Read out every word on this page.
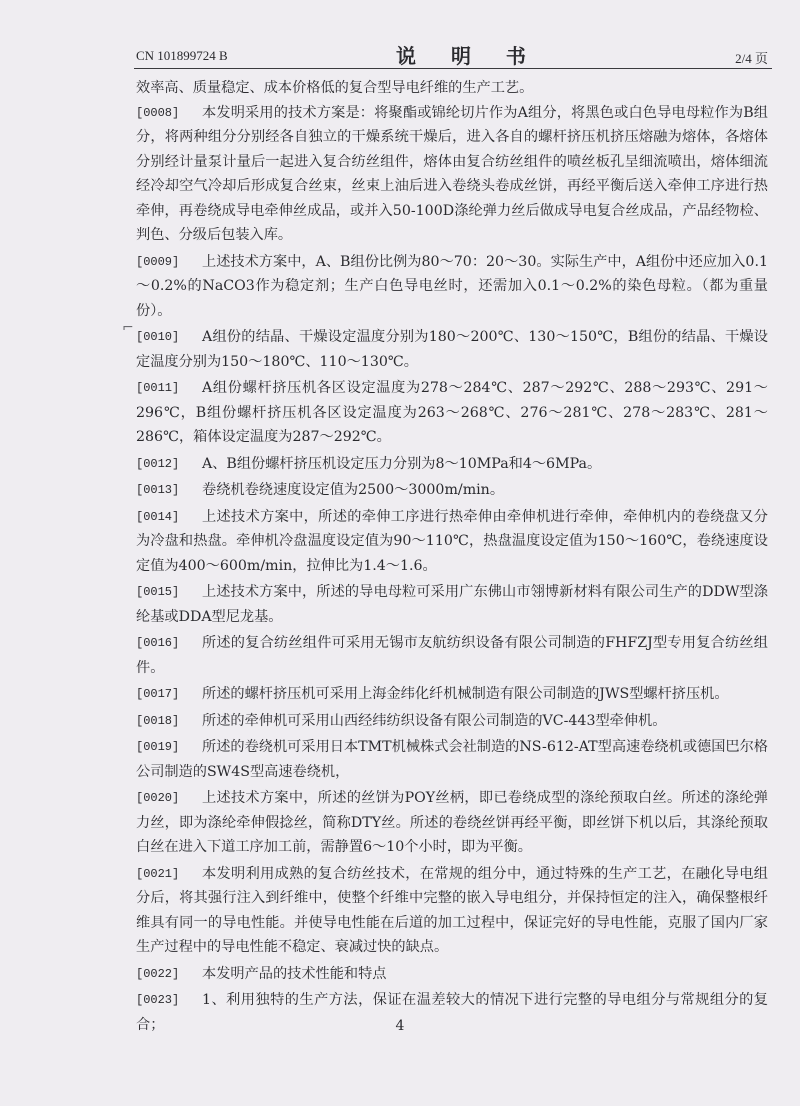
CN 101899724 B	说 明 书	2/4 页
⌐
效率高、质量稳定、成本价格低的复合型导电纤维的生产工艺。
[0008]	本发明采用的技术方案是：将聚酯或锦纶切片作为A组分，将黑色或白色导电母粒作为B组分，将两种组分分别经各自独立的干燥系统干燥后，进入各自的螺杆挤压机挤压熔融为熔体，各熔体分别经计量泵计量后一起进入复合纺丝组件，熔体由复合纺丝组件的喷丝板孔呈细流喷出，熔体细流经冷却空气冷却后形成复合丝束，丝束上油后进入卷绕头卷成丝饼，再经平衡后送入牵伸工序进行热牵伸，再卷绕成导电牵伸丝成品，或并入50-100D涤纶弹力丝后做成导电复合丝成品，产品经物检、判色、分级后包装入库。
[0009]	上述技术方案中，A、B组份比例为80～70：20～30。实际生产中，A组份中还应加入0.1～0.2%的NaCO3作为稳定剂；生产白色导电丝时，还需加入0.1～0.2%的染色母粒。（都为重量份）。
[0010]	A组份的结晶、干燥设定温度分别为180～200℃、130～150℃，B组份的结晶、干燥设定温度分别为150～180℃、110～130℃。
[0011]	A组份螺杆挤压机各区设定温度为278～284℃、287～292℃、288～293℃、291～296℃，B组份螺杆挤压机各区设定温度为263～268℃、276～281℃、278～283℃、281～286℃，箱体设定温度为287～292℃。
[0012]	A、B组份螺杆挤压机设定压力分别为8～10MPa和4～6MPa。
[0013]	卷绕机卷绕速度设定值为2500～3000m/min。
[0014]	上述技术方案中，所述的牵伸工序进行热牵伸由牵伸机进行牵伸，牵伸机内的卷绕盘又分为冷盘和热盘。牵伸机冷盘温度设定值为90～110℃，热盘温度设定值为150～160℃，卷绕速度设定值为400～600m/min，拉伸比为1.4～1.6。
[0015]	上述技术方案中，所述的导电母粒可采用广东佛山市翎博新材料有限公司生产的DDW型涤纶基或DDA型尼龙基。
[0016]	所述的复合纺丝组件可采用无锡市友航纺织设备有限公司制造的FHFZJ型专用复合纺丝组件。
[0017]	所述的螺杆挤压机可采用上海金纬化纤机械制造有限公司制造的JWS型螺杆挤压机。
[0018]	所述的牵伸机可采用山西经纬纺织设备有限公司制造的VC-443型牵伸机。
[0019]	所述的卷绕机可采用日本TMT机械株式会社制造的NS-612-AT型高速卷绕机或德国巴尔格公司制造的SW4S型高速卷绕机，
[0020]	上述技术方案中，所述的丝饼为POY丝柄，即已卷绕成型的涤纶预取白丝。所述的涤纶弹力丝，即为涤纶牵伸假捻丝，简称DTY丝。所述的卷绕丝饼再经平衡，即丝饼下机以后，其涤纶预取白丝在进入下道工序加工前，需静置6～10个小时，即为平衡。
[0021]	本发明利用成熟的复合纺丝技术，在常规的组分中，通过特殊的生产工艺，在融化导电组分后，将其强行注入到纤维中，使整个纤维中完整的嵌入导电组分，并保持恒定的注入，确保整根纤维具有同一的导电性能。并使导电性能在后道的加工过程中，保证完好的导电性能，克服了国内厂家生产过程中的导电性能不稳定、衰减过快的缺点。
[0022]	本发明产品的技术性能和特点
[0023]	1、利用独特的生产方法，保证在温差较大的情况下进行完整的导电组分与常规组分的复合；	4
